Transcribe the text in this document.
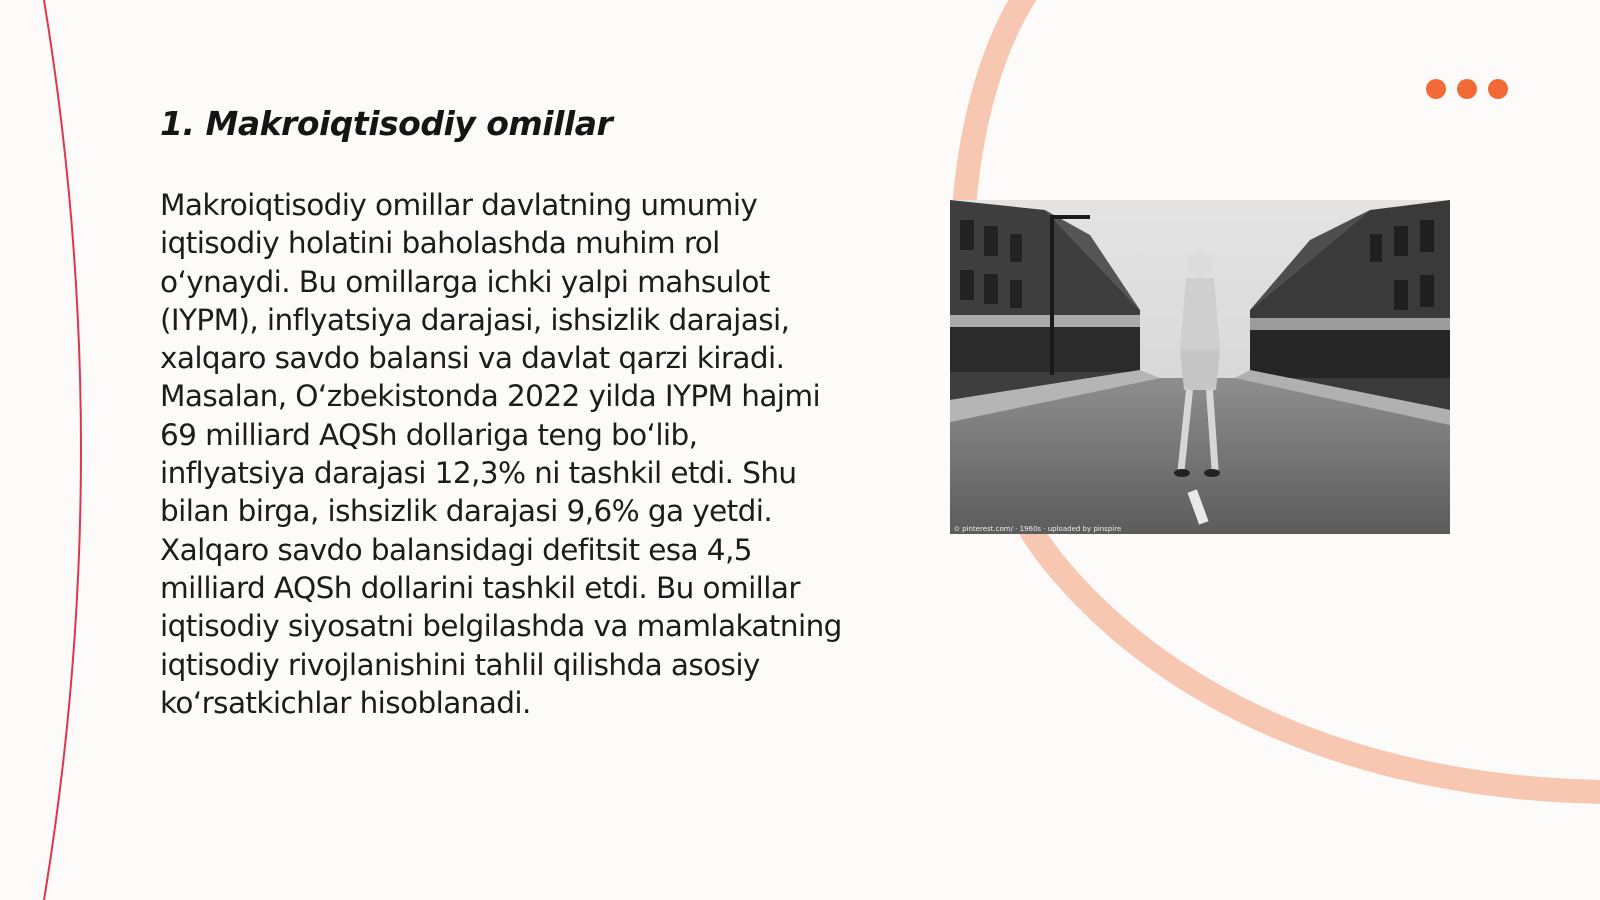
1. Makroiqtisodiy omillar

Makroiqtisodiy omillar davlatning umumiy iqtisodiy holatini baholashda muhim rol o‘ynaydi. Bu omillarga ichki yalpi mahsulot (IYPM), inflyatsiya darajasi, ishsizlik darajasi, xalqaro savdo balansi va davlat qarzi kiradi. Masalan, O‘zbekistonda 2022 yilda IYPM hajmi 69 milliard AQSh dollariga teng bo‘lib, inflyatsiya darajasi 12,3% ni tashkil etdi. Shu bilan birga, ishsizlik darajasi 9,6% ga yetdi. Xalqaro savdo balansidagi defitsit esa 4,5 milliard AQSh dollarini tashkil etdi. Bu omillar iqtisodiy siyosatni belgilashda va mamlakatning iqtisodiy rivojlanishini tahlil qilishda asosiy ko‘rsatkichlar hisoblanadi.

⊙ pinterest.com/ · 1960s · uploaded by pinspire
